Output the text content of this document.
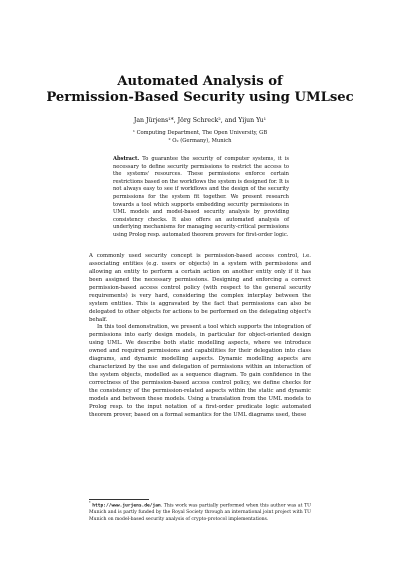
Automated Analysis of
Permission-Based Security using UMLsec
Jan Jürjens¹*, Jörg Schreck², and Yijun Yu¹
¹ Computing Department, The Open University, GB
² O₂ (Germany), Munich
Abstract. To guarantee the security of computer systems, it is necessary to define security permissions to restrict the access to the systems' resources. These permissions enforce certain restrictions based on the workflows the system is designed for. It is not always easy to see if workflows and the design of the security permissions for the system fit together. We present research towards a tool which supports embedding security permissions in UML models and model-based security analysis by providing consistency checks. It also offers an automated analysis of underlying mechanisms for managing security-critical permissions using Prolog resp. automated theorem provers for first-order logic.

A commonly used security concept is permission-based access control, i.e. associating entities (e.g. users or objects) in a system with permissions and allowing an entity to perform a certain action on another entity only if it has been assigned the necessary permissions. Designing and enforcing a correct permission-based access control policy (with respect to the general security requirements) is very hard, considering the complex interplay between the system entities. This is aggravated by the fact that permissions can also be delegated to other objects for actions to be performed on the delegating object's behalf.

In this tool demonstration, we present a tool which supports the integration of permissions into early design models, in particular for object-oriented design using UML. We describe both static modelling aspects, where we introduce owned and required permissions and capabilities for their delegation into class diagrams, and dynamic modelling aspects. Dynamic modelling aspects are characterized by the use and delegation of permissions within an interaction of the system objects, modelled as a sequence diagram. To gain confidence in the correctness of the permission-based access control policy, we define checks for the consistency of the permission-related aspects within the static and dynamic models and between these models. Using a translation from the UML models to Prolog resp. to the input notation of a first-order predicate logic automated theorem prover, based on a formal semantics for the UML diagrams used, these

* http://www.jurjens.de/jan. This work was partially performed when this author was at TU Munich and is partly funded by the Royal Society through an international joint project with TU Munich on model-based security analysis of crypto-protocol implementations.
